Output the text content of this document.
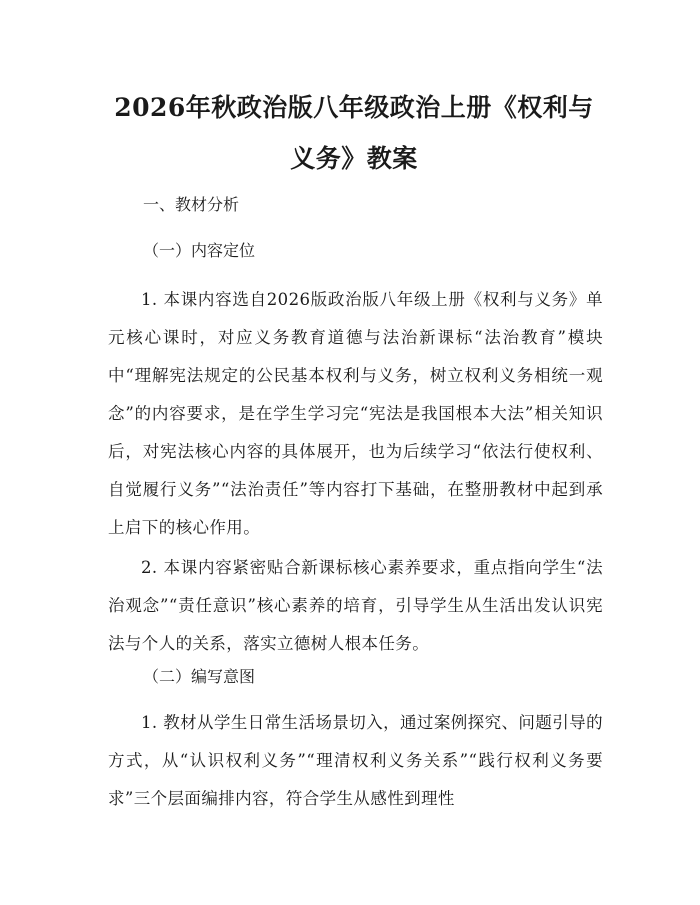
2026年秋政治版八年级政治上册《权利与义务》教案

一、教材分析

（一）内容定位

1. 本课内容选自2026版政治版八年级上册《权利与义务》单元核心课时，对应义务教育道德与法治新课标“法治教育”模块中“理解宪法规定的公民基本权利与义务，树立权利义务相统一观念”的内容要求，是在学生学习完“宪法是我国根本大法”相关知识后，对宪法核心内容的具体展开，也为后续学习“依法行使权利、自觉履行义务”“法治责任”等内容打下基础，在整册教材中起到承上启下的核心作用。

2. 本课内容紧密贴合新课标核心素养要求，重点指向学生“法治观念”“责任意识”核心素养的培育，引导学生从生活出发认识宪法与个人的关系，落实立德树人根本任务。

（二）编写意图

1. 教材从学生日常生活场景切入，通过案例探究、问题引导的方式，从“认识权利义务”“理清权利义务关系”“践行权利义务要求”三个层面编排内容，符合学生从感性到理性
